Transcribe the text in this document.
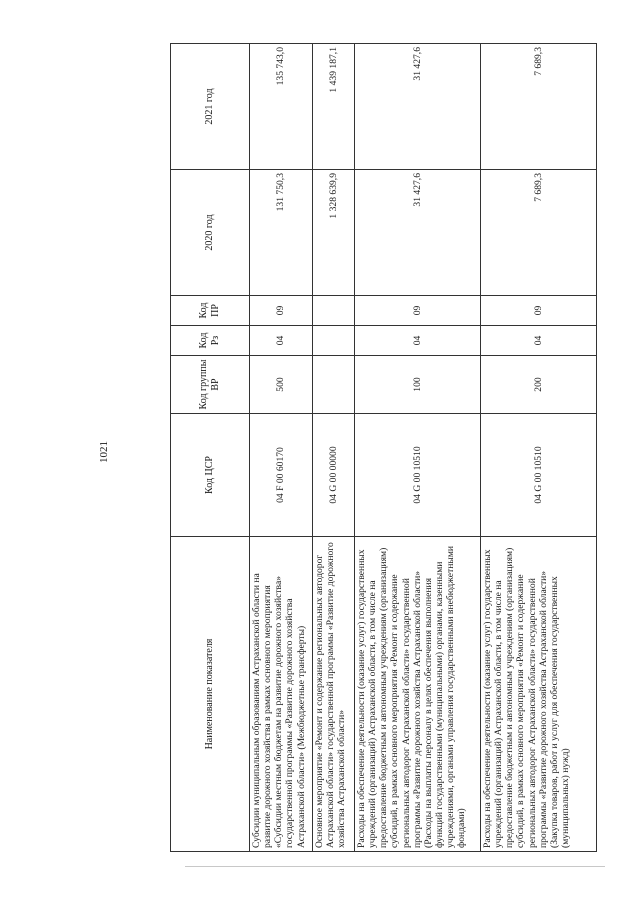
1021
Наименование показателя	Код ЦСР	Код группы ВР	Код Рз	Код ПР	2020 год	2021 год
Субсидии муниципальным образованиям Астраханской области на развитие дорожного хозяйства в рамках основного мероприятия «Субсидии местным бюджетам на развитие дорожного хозяйства» государственной программы «Развитие дорожного хозяйства Астраханской области» (Межбюджетные трансферты)	04 F 00 60170	500	04	09	131 750,3	135 743,0
Основное мероприятие «Ремонт и содержание региональных автодорог Астраханской области» государственной программы «Развитие дорожного хозяйства Астраханской области»	04 G 00 00000				1 328 639,9	1 439 187,1
Расходы на обеспечение деятельности (оказание услуг) государственных учреждений (организаций) Астраханской области, в том числе на предоставление бюджетным и автономным учреждениям (организациям) субсидий, в рамках основного мероприятия «Ремонт и содержание региональных автодорог Астраханской области» государственной программы «Развитие дорожного хозяйства Астраханской области» (Расходы на выплаты персоналу в целях обеспечения выполнения функций государственными (муниципальными) органами, казенными учреждениями, органами управления государственными внебюджетными фондами)	04 G 00 10510	100	04	09	31 427,6	31 427,6
Расходы на обеспечение деятельности (оказание услуг) государственных учреждений (организаций) Астраханской области, в том числе на предоставление бюджетным и автономным учреждениям (организациям) субсидий, в рамках основного мероприятия «Ремонт и содержание региональных автодорог Астраханской области» государственной программы «Развитие дорожного хозяйства Астраханской области» (Закупка товаров, работ и услуг для обеспечения государственных (муниципальных) нужд)	04 G 00 10510	200	04	09	7 689,3	7 689,3
